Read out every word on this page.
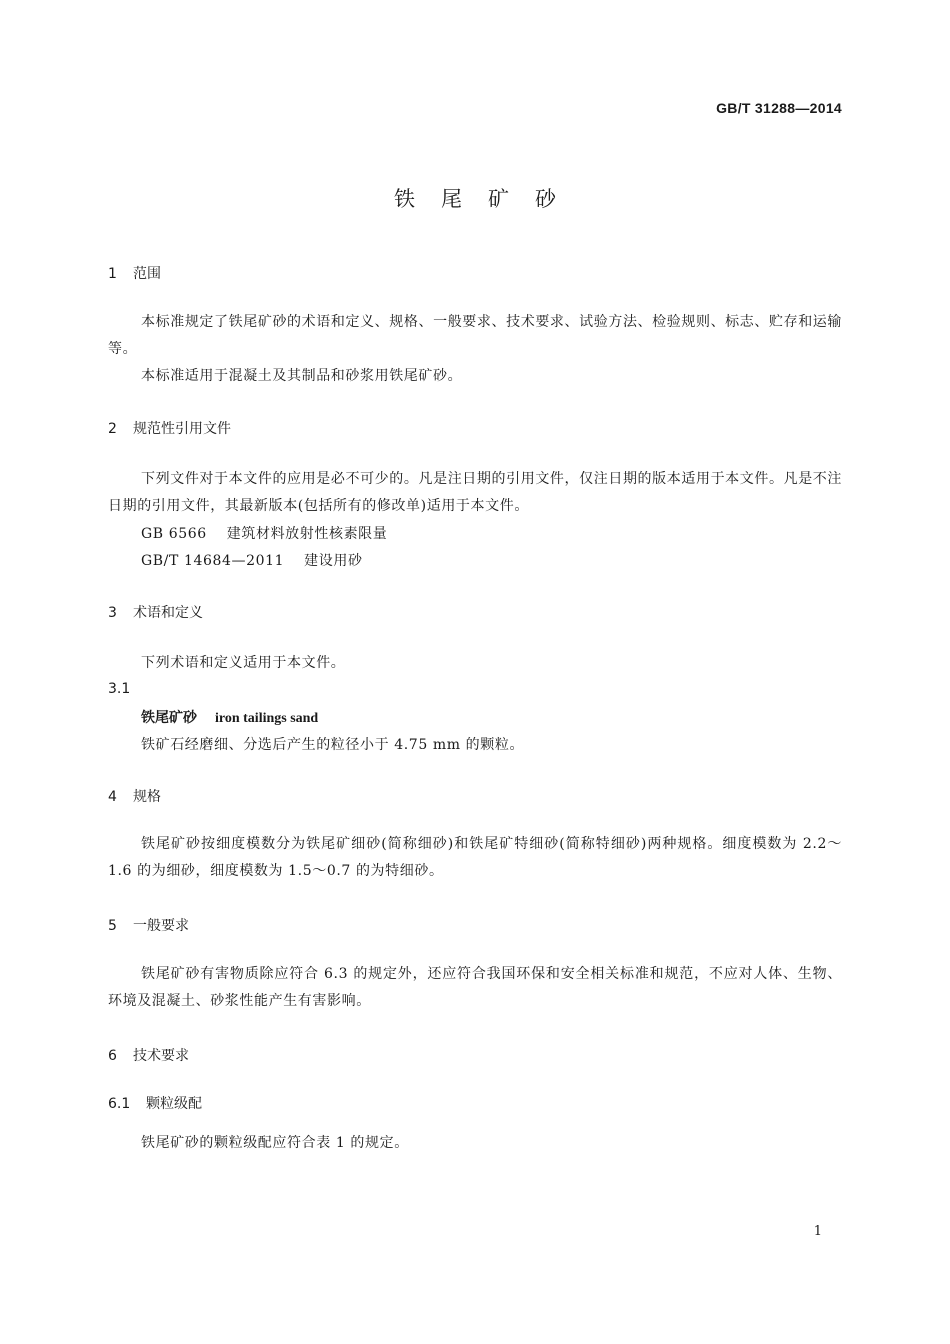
GB/T 31288—2014
铁尾矿砂
1 范围
本标准规定了铁尾矿砂的术语和定义、规格、一般要求、技术要求、试验方法、检验规则、标志、贮存和运输等。
本标准适用于混凝土及其制品和砂浆用铁尾矿砂。
2 规范性引用文件
下列文件对于本文件的应用是必不可少的。凡是注日期的引用文件，仅注日期的版本适用于本文件。凡是不注日期的引用文件，其最新版本(包括所有的修改单)适用于本文件。
GB 6566 建筑材料放射性核素限量
GB/T 14684—2011 建设用砂
3 术语和定义
下列术语和定义适用于本文件。
3.1
铁尾矿砂 iron tailings sand
铁矿石经磨细、分选后产生的粒径小于 4.75 mm 的颗粒。
4 规格
铁尾矿砂按细度模数分为铁尾矿细砂(简称细砂)和铁尾矿特细砂(简称特细砂)两种规格。细度模数为 2.2～1.6 的为细砂，细度模数为 1.5～0.7 的为特细砂。
5 一般要求
铁尾矿砂有害物质除应符合 6.3 的规定外，还应符合我国环保和安全相关标准和规范，不应对人体、生物、环境及混凝土、砂浆性能产生有害影响。
6 技术要求
6.1 颗粒级配
铁尾矿砂的颗粒级配应符合表 1 的规定。
1
